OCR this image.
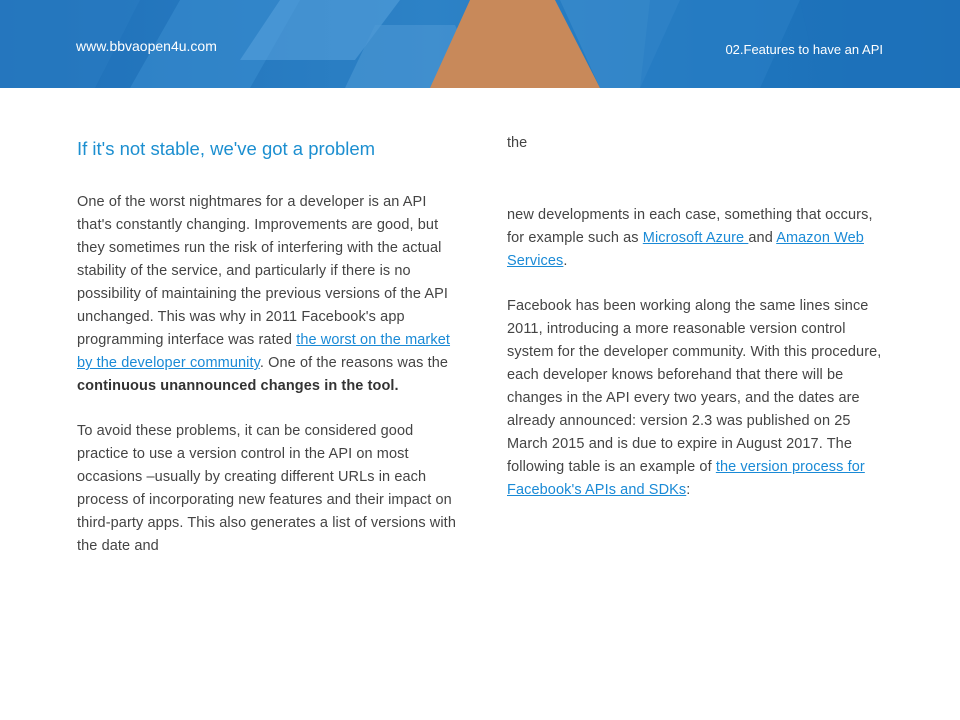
www.bbvaopen4u.com	02.Features to have an API
If it's not stable, we've got a problem

One of the worst nightmares for a developer is an API that's constantly changing. Improvements are good, but they sometimes run the risk of interfering with the actual stability of the service, and particularly if there is no possibility of maintaining the previous versions of the API unchanged. This was why in 2011 Facebook's app programming interface was rated the worst on the market by the developer community. One of the reasons was the continuous unannounced changes in the tool.

To avoid these problems, it can be considered good practice to use a version control in the API on most occasions –usually by creating different URLs in each process of incorporating new features and their impact on third-party apps. This also generates a list of versions with the date and

the

new developments in each case, something that occurs, for example such as Microsoft Azure and Amazon Web Services.

Facebook has been working along the same lines since 2011, introducing a more reasonable version control system for the developer community. With this procedure, each developer knows beforehand that there will be changes in the API every two years, and the dates are already announced: version 2.3 was published on 25 March 2015 and is due to expire in August 2017. The following table is an example of the version process for Facebook's APIs and SDKs:
